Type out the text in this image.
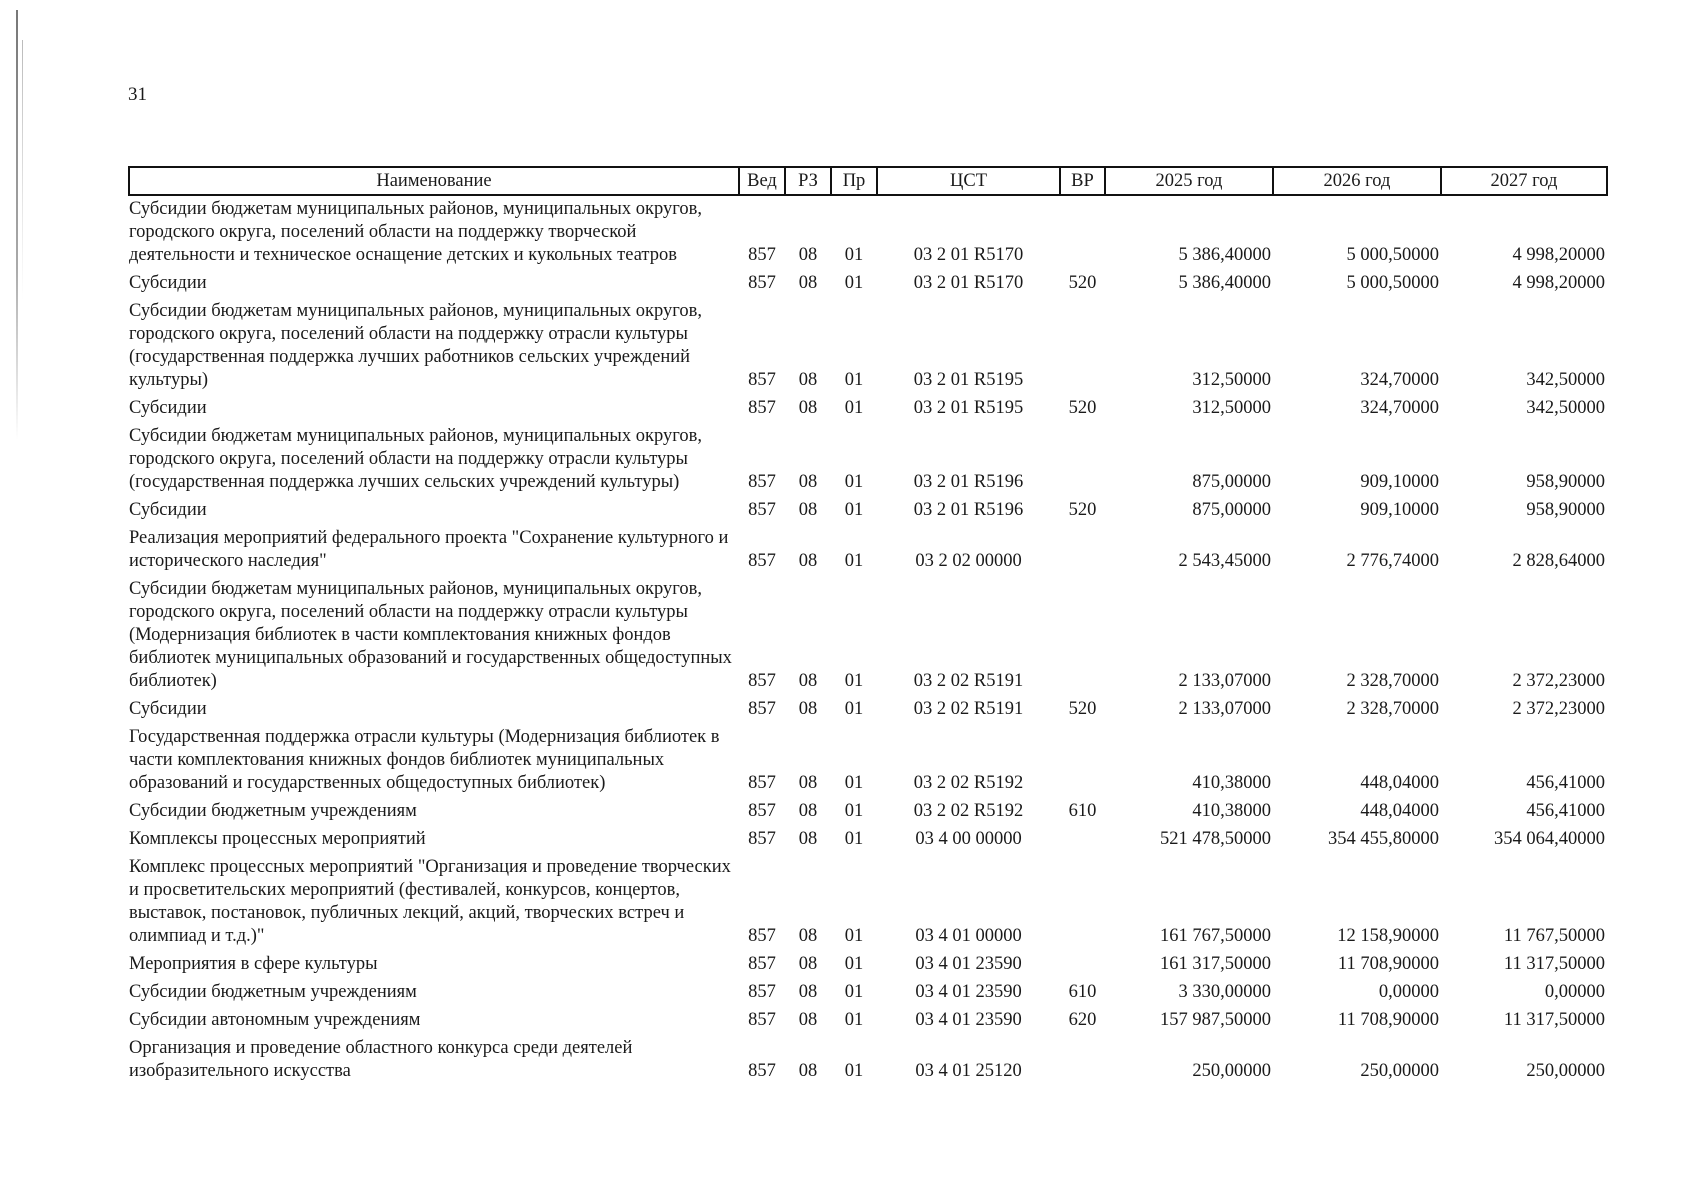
31
Наименование	Вед	РЗ	Пр	ЦСТ	ВР	2025 год	2026 год	2027 год
Субсидии бюджетам муниципальных районов, муниципальных округов, городского округа, поселений области на поддержку творческой деятельности и техническое оснащение детских и кукольных театров	857	08	01	03 2 01 R5170		5 386,40000	5 000,50000	4 998,20000
Субсидии	857	08	01	03 2 01 R5170	520	5 386,40000	5 000,50000	4 998,20000
Субсидии бюджетам муниципальных районов, муниципальных округов, городского округа, поселений области на поддержку отрасли культуры (государственная поддержка лучших работников сельских учреждений культуры)	857	08	01	03 2 01 R5195		312,50000	324,70000	342,50000
Субсидии	857	08	01	03 2 01 R5195	520	312,50000	324,70000	342,50000
Субсидии бюджетам муниципальных районов, муниципальных округов, городского округа, поселений области на поддержку отрасли культуры (государственная поддержка лучших сельских учреждений культуры)	857	08	01	03 2 01 R5196		875,00000	909,10000	958,90000
Субсидии	857	08	01	03 2 01 R5196	520	875,00000	909,10000	958,90000
Реализация мероприятий федерального проекта "Сохранение культурного и исторического наследия"	857	08	01	03 2 02 00000		2 543,45000	2 776,74000	2 828,64000
Субсидии бюджетам муниципальных районов, муниципальных округов, городского округа, поселений области на поддержку отрасли культуры (Модернизация библиотек в части комплектования книжных фондов библиотек муниципальных образований и государственных общедоступных библиотек)	857	08	01	03 2 02 R5191		2 133,07000	2 328,70000	2 372,23000
Субсидии	857	08	01	03 2 02 R5191	520	2 133,07000	2 328,70000	2 372,23000
Государственная поддержка отрасли культуры (Модернизация библиотек в части комплектования книжных фондов библиотек муниципальных образований и государственных общедоступных библиотек)	857	08	01	03 2 02 R5192		410,38000	448,04000	456,41000
Субсидии бюджетным учреждениям	857	08	01	03 2 02 R5192	610	410,38000	448,04000	456,41000
Комплексы процессных мероприятий	857	08	01	03 4 00 00000		521 478,50000	354 455,80000	354 064,40000
Комплекс процессных мероприятий "Организация и проведение творческих и просветительских мероприятий (фестивалей, конкурсов, концертов, выставок, постановок, публичных лекций, акций, творческих встреч и олимпиад и т.д.)"	857	08	01	03 4 01 00000		161 767,50000	12 158,90000	11 767,50000
Мероприятия в сфере культуры	857	08	01	03 4 01 23590		161 317,50000	11 708,90000	11 317,50000
Субсидии бюджетным учреждениям	857	08	01	03 4 01 23590	610	3 330,00000	0,00000	0,00000
Субсидии автономным учреждениям	857	08	01	03 4 01 23590	620	157 987,50000	11 708,90000	11 317,50000
Организация и проведение областного конкурса среди деятелей изобразительного искусства	857	08	01	03 4 01 25120		250,00000	250,00000	250,00000
